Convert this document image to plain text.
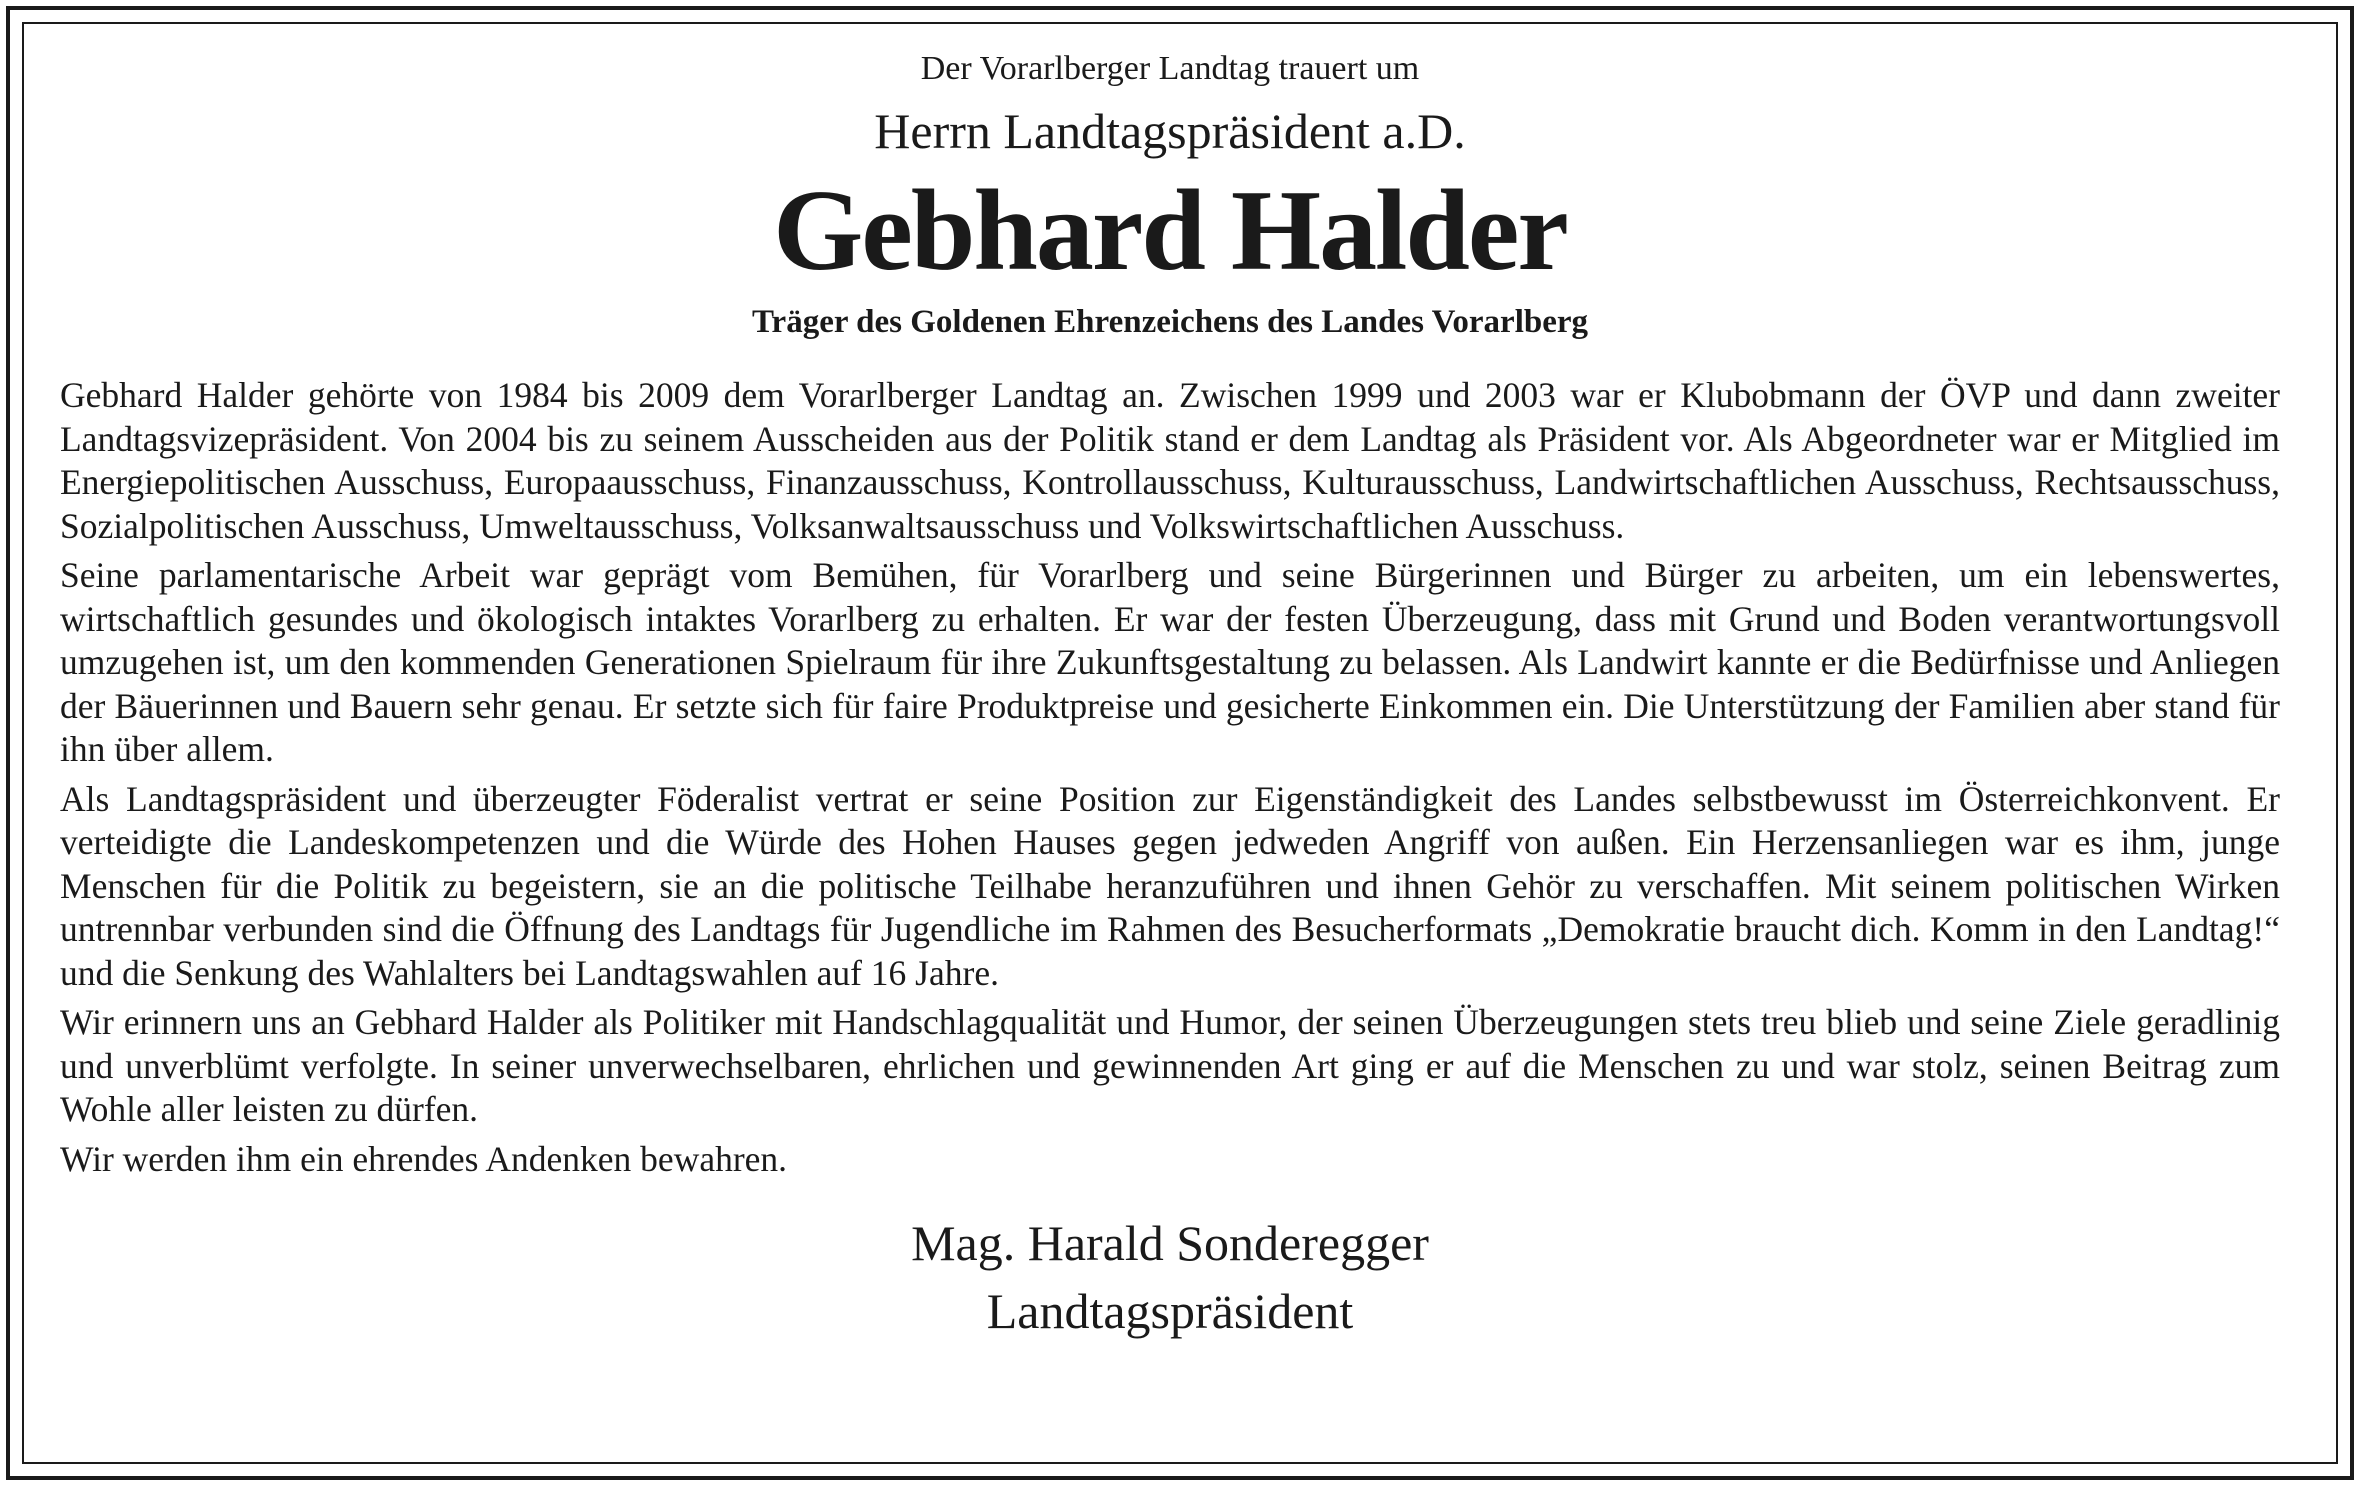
Der Vorarlberger Landtag trauert um

Herrn Landtagspräsident a.D.

Gebhard Halder

Träger des Goldenen Ehrenzeichens des Landes Vorarlberg

Gebhard Halder gehörte von 1984 bis 2009 dem Vorarlberger Landtag an. Zwischen 1999 und 2003 war er Klubobmann der ÖVP und dann zweiter Landtagsvizepräsident. Von 2004 bis zu seinem Ausscheiden aus der Politik stand er dem Landtag als Präsident vor. Als Abgeordneter war er Mitglied im Energiepolitischen Ausschuss, Europaausschuss, Finanzausschuss, Kontrollausschuss, Kulturausschuss, Landwirtschaftlichen Ausschuss, Rechtsausschuss, Sozialpolitischen Ausschuss, Umweltausschuss, Volksanwaltsausschuss und Volkswirtschaftlichen Ausschuss.

Seine parlamentarische Arbeit war geprägt vom Bemühen, für Vorarlberg und seine Bürgerinnen und Bürger zu arbeiten, um ein lebenswertes, wirtschaftlich gesundes und ökologisch intaktes Vorarlberg zu erhalten. Er war der festen Überzeugung, dass mit Grund und Boden verantwortungsvoll umzugehen ist, um den kommenden Generationen Spielraum für ihre Zukunftsgestaltung zu belassen. Als Landwirt kannte er die Bedürfnisse und Anliegen der Bäuerinnen und Bauern sehr genau. Er setzte sich für faire Produktpreise und gesicherte Einkommen ein. Die Unterstützung der Familien aber stand für ihn über allem.

Als Landtagspräsident und überzeugter Föderalist vertrat er seine Position zur Eigenständigkeit des Landes selbstbewusst im Österreichkonvent. Er verteidigte die Landeskompetenzen und die Würde des Hohen Hauses gegen jedweden Angriff von außen. Ein Herzensanliegen war es ihm, junge Menschen für die Politik zu begeistern, sie an die politische Teilhabe heranzuführen und ihnen Gehör zu verschaffen. Mit seinem politischen Wirken untrennbar verbunden sind die Öffnung des Landtags für Jugendliche im Rahmen des Besucherformats „Demokratie braucht dich. Komm in den Landtag!“ und die Senkung des Wahlalters bei Landtagswahlen auf 16 Jahre.

Wir erinnern uns an Gebhard Halder als Politiker mit Handschlagqualität und Humor, der seinen Überzeugungen stets treu blieb und seine Ziele geradlinig und unverblümt verfolgte. In seiner unverwechselbaren, ehrlichen und gewinnenden Art ging er auf die Menschen zu und war stolz, seinen Beitrag zum Wohle aller leisten zu dürfen.

Wir werden ihm ein ehrendes Andenken bewahren.

Mag. Harald Sonderegger

Landtagspräsident
